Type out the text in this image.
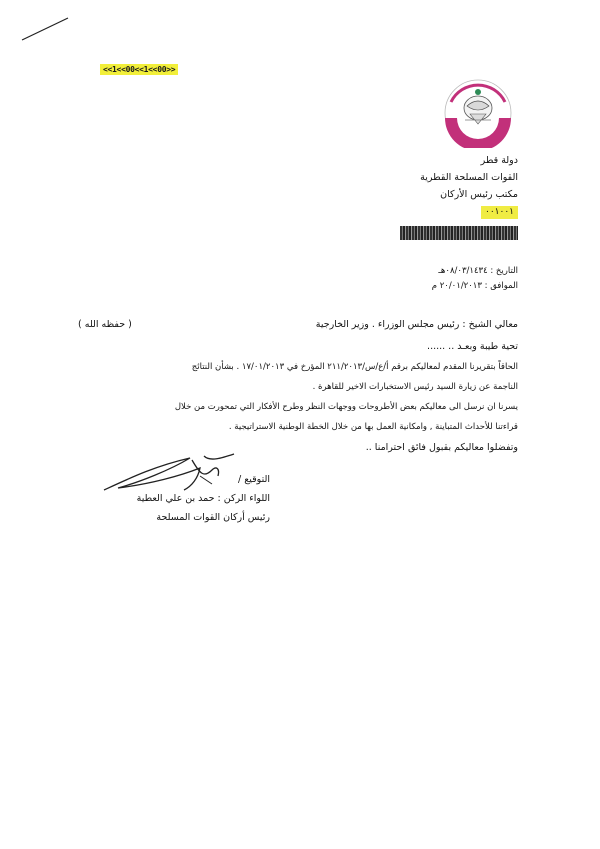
<<1<<00<<1<<00>>
دولة قطر
القوات المسلحة القطرية
مكتب رئيس الأركان
٠٠١٠٠١
التاريخ : ٠٨/٠٣/١٤٣٤هـ
الموافق : ٢٠/٠١/٢٠١٣ م
معالي الشيخ : رئيس مجلس الوزراء . وزير الخارجية
( حفظه الله )
تحية طيبة وبعـد .. ......
الحاقاً بتقريرنا المقدم لمعاليكم برقم أ/ع/س/٢١١/٢٠١٣ المؤرخ في ١٧/٠١/٢٠١٣ . بشأن النتائج
الناجمة عن زيارة السيد رئيس الاستخبارات الاخير للقاهرة .
يسرنا ان نرسل الى معاليكم بعض الأطروحات ووجهات النظر وطرح الأفكار التي تمحورت من خلال
قراءتنا للأحداث المتباينة , وامكانية العمل بها من خلال الخطة الوطنية الاستراتيجية .
وتفضلوا معاليكم بقبول فائق احترامنا ..
التوقيع /
اللواء الركن : حمد بن علي العطية
رئيس أركان القوات المسلحة
